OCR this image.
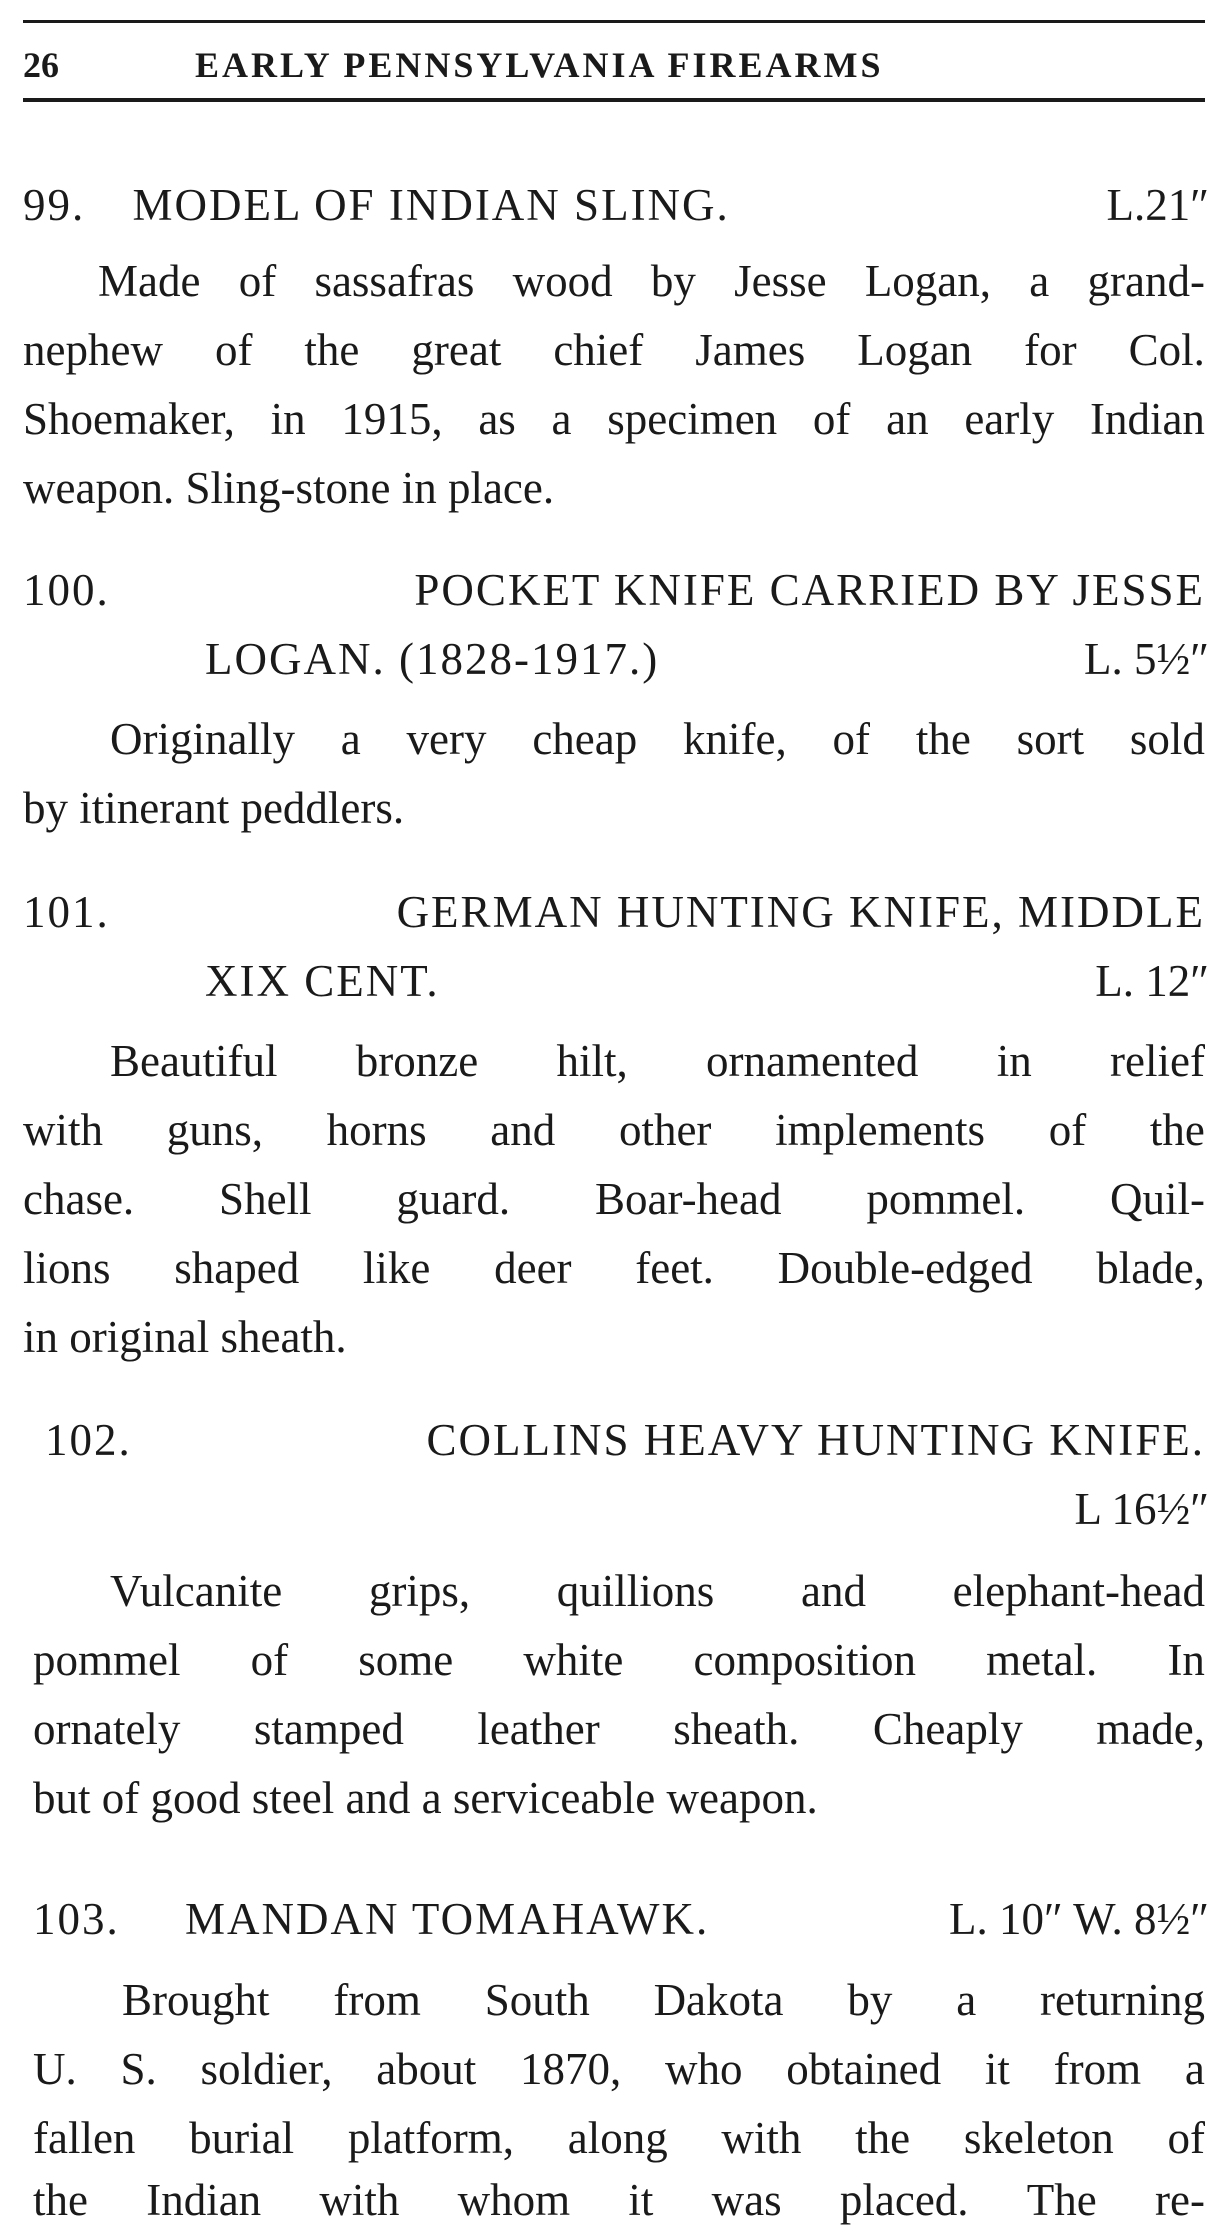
26	EARLY PENNSYLVANIA FIREARMS
99. MODEL OF INDIAN SLING.	L.21″
Made of sassafras wood by Jesse Logan, a grand-
nephew of the great chief James Logan for Col.
Shoemaker, in 1915, as a specimen of an early Indian
weapon. Sling-stone in place.
100.	POCKET KNIFE CARRIED BY JESSE
LOGAN. (1828-1917.)	L. 5½″
Originally a very cheap knife, of the sort sold
by itinerant peddlers.
101.	GERMAN HUNTING KNIFE, MIDDLE
XIX CENT.	L. 12″
Beautiful bronze hilt, ornamented in relief
with guns, horns and other implements of the
chase. Shell guard. Boar-head pommel. Quil-
lions shaped like deer feet. Double-edged blade,
in original sheath.
102.	COLLINS HEAVY HUNTING KNIFE.
L 16½″
Vulcanite grips, quillions and elephant-head
pommel of some white composition metal. In
ornately stamped leather sheath. Cheaply made,
but of good steel and a serviceable weapon.
103. MANDAN TOMAHAWK.	L. 10″ W. 8½″
Brought from South Dakota by a returning
U. S. soldier, about 1870, who obtained it from a
fallen burial platform, along with the skeleton of
the Indian with whom it was placed. The re-
